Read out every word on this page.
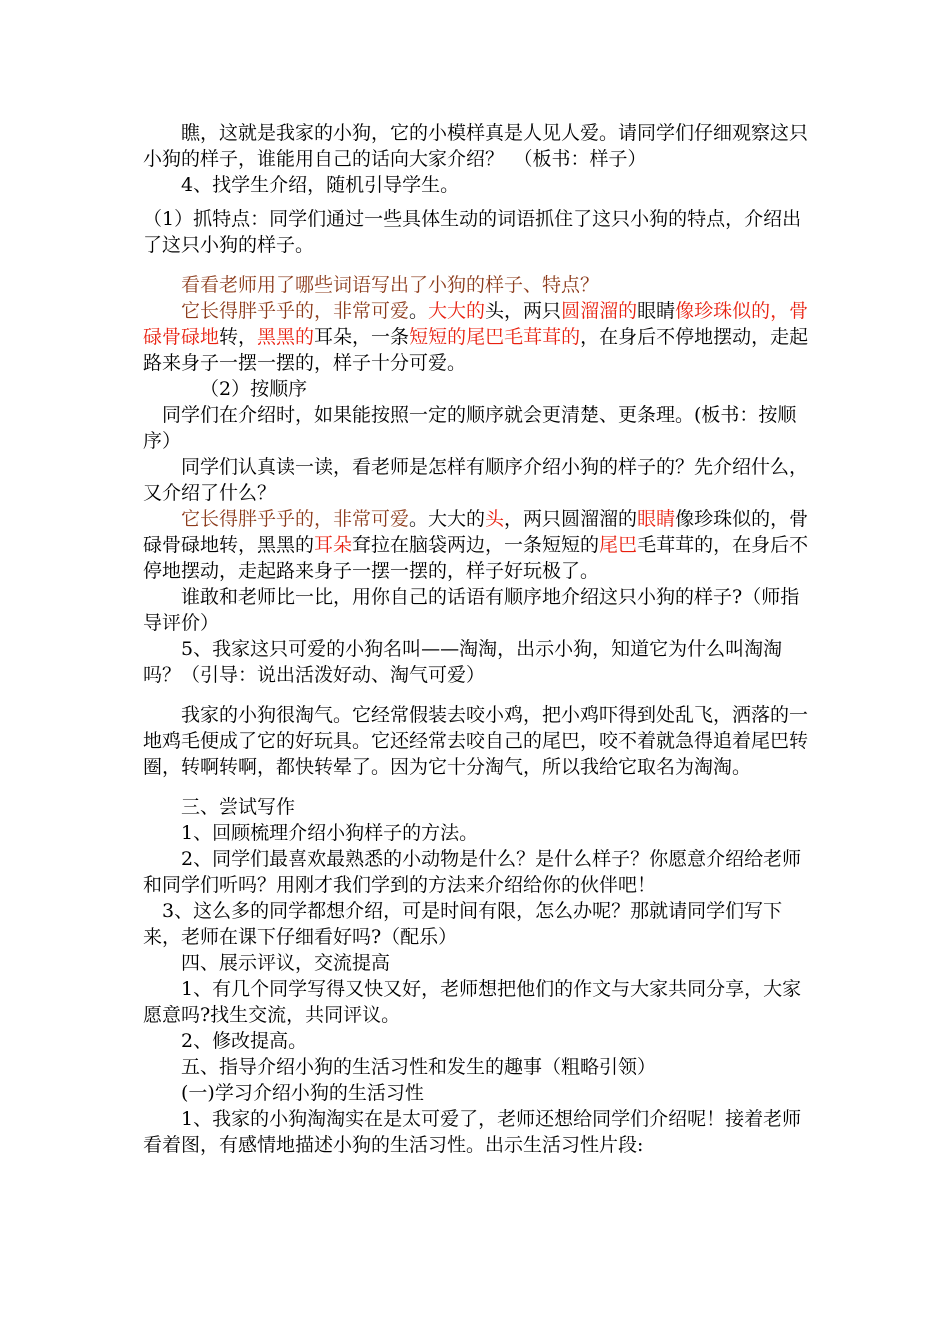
瞧，这就是我家的小狗，它的小模样真是人见人爱。请同学们仔细观察这只小狗的样子，谁能用自己的话向大家介绍？　（板书：样子）

4、找学生介绍，随机引导学生。

（1）抓特点：同学们通过一些具体生动的词语抓住了这只小狗的特点，介绍出了这只小狗的样子。

看看老师用了哪些词语写出了小狗的样子、特点？

它长得胖乎乎的，非常可爱。大大的头，两只圆溜溜的眼睛像珍珠似的，骨碌骨碌地转，黑黑的耳朵，一条短短的尾巴毛茸茸的，在身后不停地摆动，走起路来身子一摆一摆的，样子十分可爱。

（2）按顺序

同学们在介绍时，如果能按照一定的顺序就会更清楚、更条理。(板书：按顺序）

同学们认真读一读，看老师是怎样有顺序介绍小狗的样子的？先介绍什么，又介绍了什么？

它长得胖乎乎的，非常可爱。大大的头，两只圆溜溜的眼睛像珍珠似的，骨碌骨碌地转，黑黑的耳朵耷拉在脑袋两边，一条短短的尾巴毛茸茸的，在身后不停地摆动，走起路来身子一摆一摆的，样子好玩极了。

谁敢和老师比一比，用你自己的话语有顺序地介绍这只小狗的样子?（师指导评价）

5、我家这只可爱的小狗名叫——淘淘，出示小狗，知道它为什么叫淘淘吗？（引导：说出活泼好动、淘气可爱）

我家的小狗很淘气。它经常假装去咬小鸡，把小鸡吓得到处乱飞，洒落的一地鸡毛便成了它的好玩具。它还经常去咬自己的尾巴，咬不着就急得追着尾巴转圈，转啊转啊，都快转晕了。因为它十分淘气，所以我给它取名为淘淘。

三、尝试写作

1、回顾梳理介绍小狗样子的方法。

2、同学们最喜欢最熟悉的小动物是什么？是什么样子？你愿意介绍给老师和同学们听吗？用刚才我们学到的方法来介绍给你的伙伴吧！

3、这么多的同学都想介绍，可是时间有限，怎么办呢？那就请同学们写下来，老师在课下仔细看好吗?（配乐）

四、展示评议，交流提高

1、有几个同学写得又快又好，老师想把他们的作文与大家共同分享，大家愿意吗?找生交流，共同评议。

2、修改提高。

五、指导介绍小狗的生活习性和发生的趣事（粗略引领）

(一)学习介绍小狗的生活习性

1、我家的小狗淘淘实在是太可爱了，老师还想给同学们介绍呢！接着老师看着图，有感情地描述小狗的生活习性。出示生活习性片段:
